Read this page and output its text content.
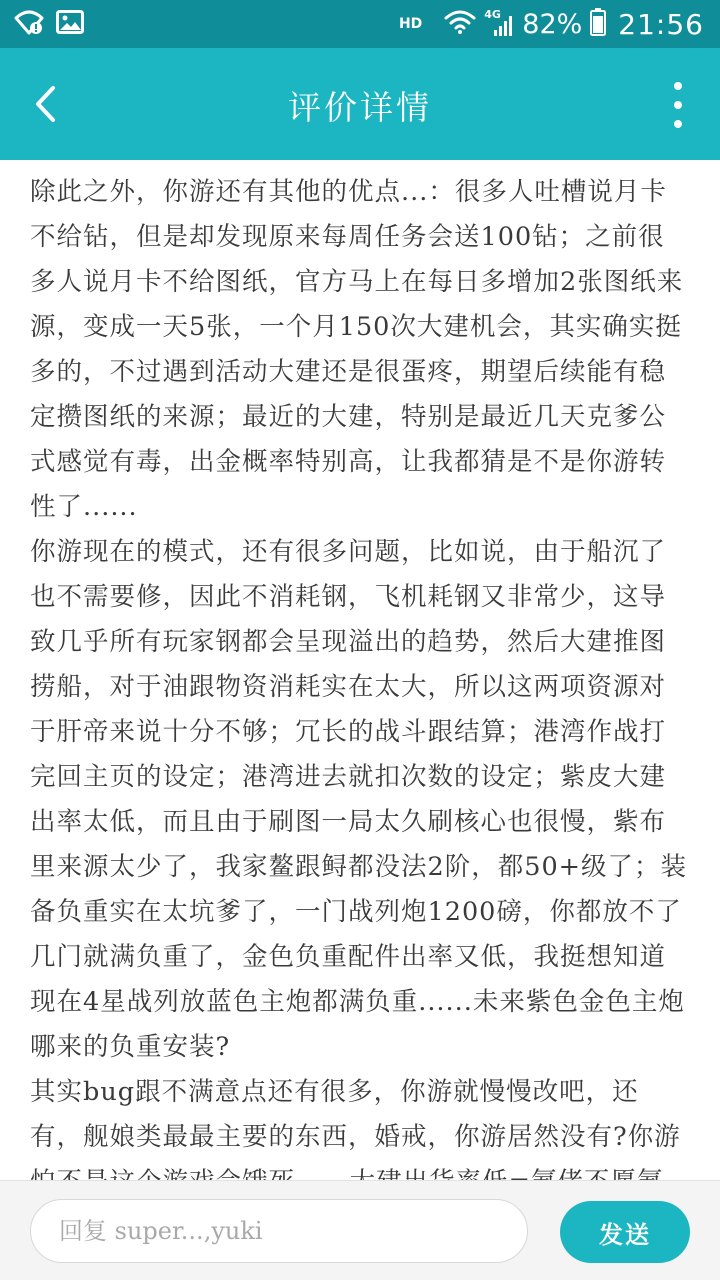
HD
4G 82% 21:56
评价详情

除此之外，你游还有其他的优点...：很多人吐槽说月卡不给钻，但是却发现原来每周任务会送100钻；之前很多人说月卡不给图纸，官方马上在每日多增加2张图纸来源，变成一天5张，一个月150次大建机会，其实确实挺多的，不过遇到活动大建还是很蛋疼，期望后续能有稳定攒图纸的来源；最近的大建，特别是最近几天克爹公式感觉有毒，出金概率特别高，让我都猜是不是你游转性了......

你游现在的模式，还有很多问题，比如说，由于船沉了也不需要修，因此不消耗钢，飞机耗钢又非常少，这导致几乎所有玩家钢都会呈现溢出的趋势，然后大建推图捞船，对于油跟物资消耗实在太大，所以这两项资源对于肝帝来说十分不够；冗长的战斗跟结算；港湾作战打完回主页的设定；港湾进去就扣次数的设定；紫皮大建出率太低，而且由于刷图一局太久刷核心也很慢，紫布里来源太少了，我家鳌跟鲟都没法2阶，都50+级了；装备负重实在太坑爹了，一门战列炮1200磅，你都放不了几门就满负重了，金色负重配件出率又低，我挺想知道现在4星战列放蓝色主炮都满负重......未来紫色金色主炮哪来的负重安装?

其实bug跟不满意点还有很多，你游就慢慢改吧，还有，舰娘类最最主要的东西，婚戒，你游居然没有?你游

回复 super...,yuki
发送
